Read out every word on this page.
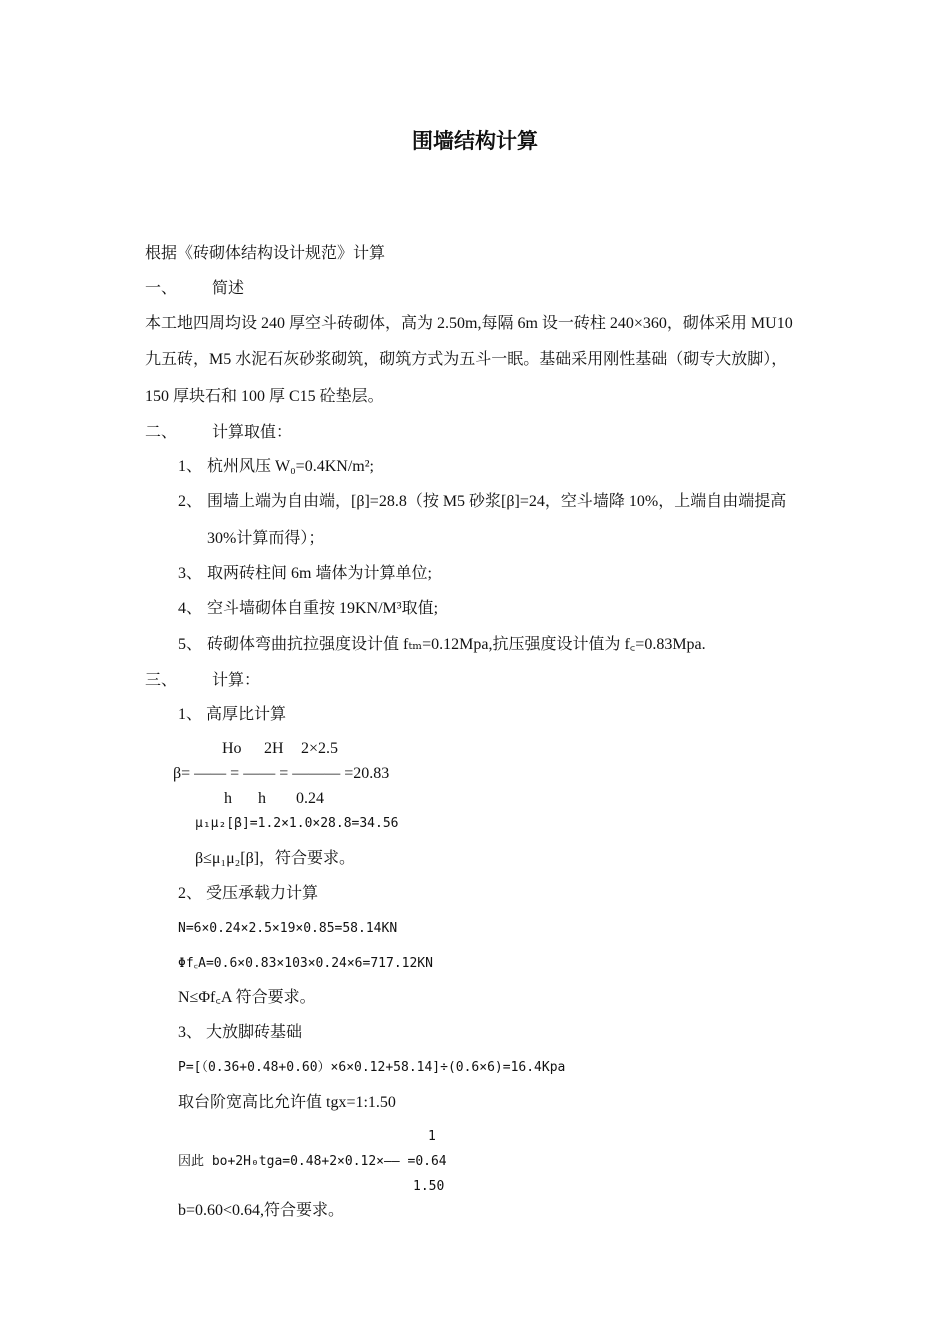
围墙结构计算
根据《砖砌体结构设计规范》计算
一、 简述
本工地四周均设 240 厚空斗砖砌体，高为 2.50m,每隔 6m 设一砖柱 240×360，砌体采用 MU10
九五砖，M5 水泥石灰砂浆砌筑，砌筑方式为五斗一眠。基础采用刚性基础（砌专大放脚），
150 厚块石和 100 厚 C15 砼垫层。
二、 计算取值：
1、 杭州风压 W₀=0.4KN/m²;
2、 围墙上端为自由端，[β]=28.8（按 M5 砂浆[β]=24，空斗墙降 10%，上端自由端提高
30%计算而得）；
3、 取两砖柱间 6m 墙体为计算单位;
4、 空斗墙砌体自重按 19KN/M³取值;
5、 砖砌体弯曲抗拉强度设计值 fₜₘ=0.12Mpa,抗压强度设计值为 f꜀=0.83Mpa.
三、 计算：
1、 高厚比计算
Ho 2H 2×2.5
β= —— = —— = ——— =20.83
h h 0.24
μ₁μ₂[β]=1.2×1.0×28.8=34.56
β≤μ₁μ₂[β]，符合要求。
2、 受压承载力计算
N=6×0.24×2.5×19×0.85=58.14KN
Φf꜀A=0.6×0.83×103×0.24×6=717.12KN
N≤Φf꜀A 符合要求。
3、 大放脚砖基础
P=[（0.36+0.48+0.60）×6×0.12+58.14]÷(0.6×6)=16.4Kpa
取台阶宽高比允许值 tgx=1:1.50
1
因此 bo+2H₀tga=0.48+2×0.12×—— =0.64
1.50
b=0.60<0.64,符合要求。
